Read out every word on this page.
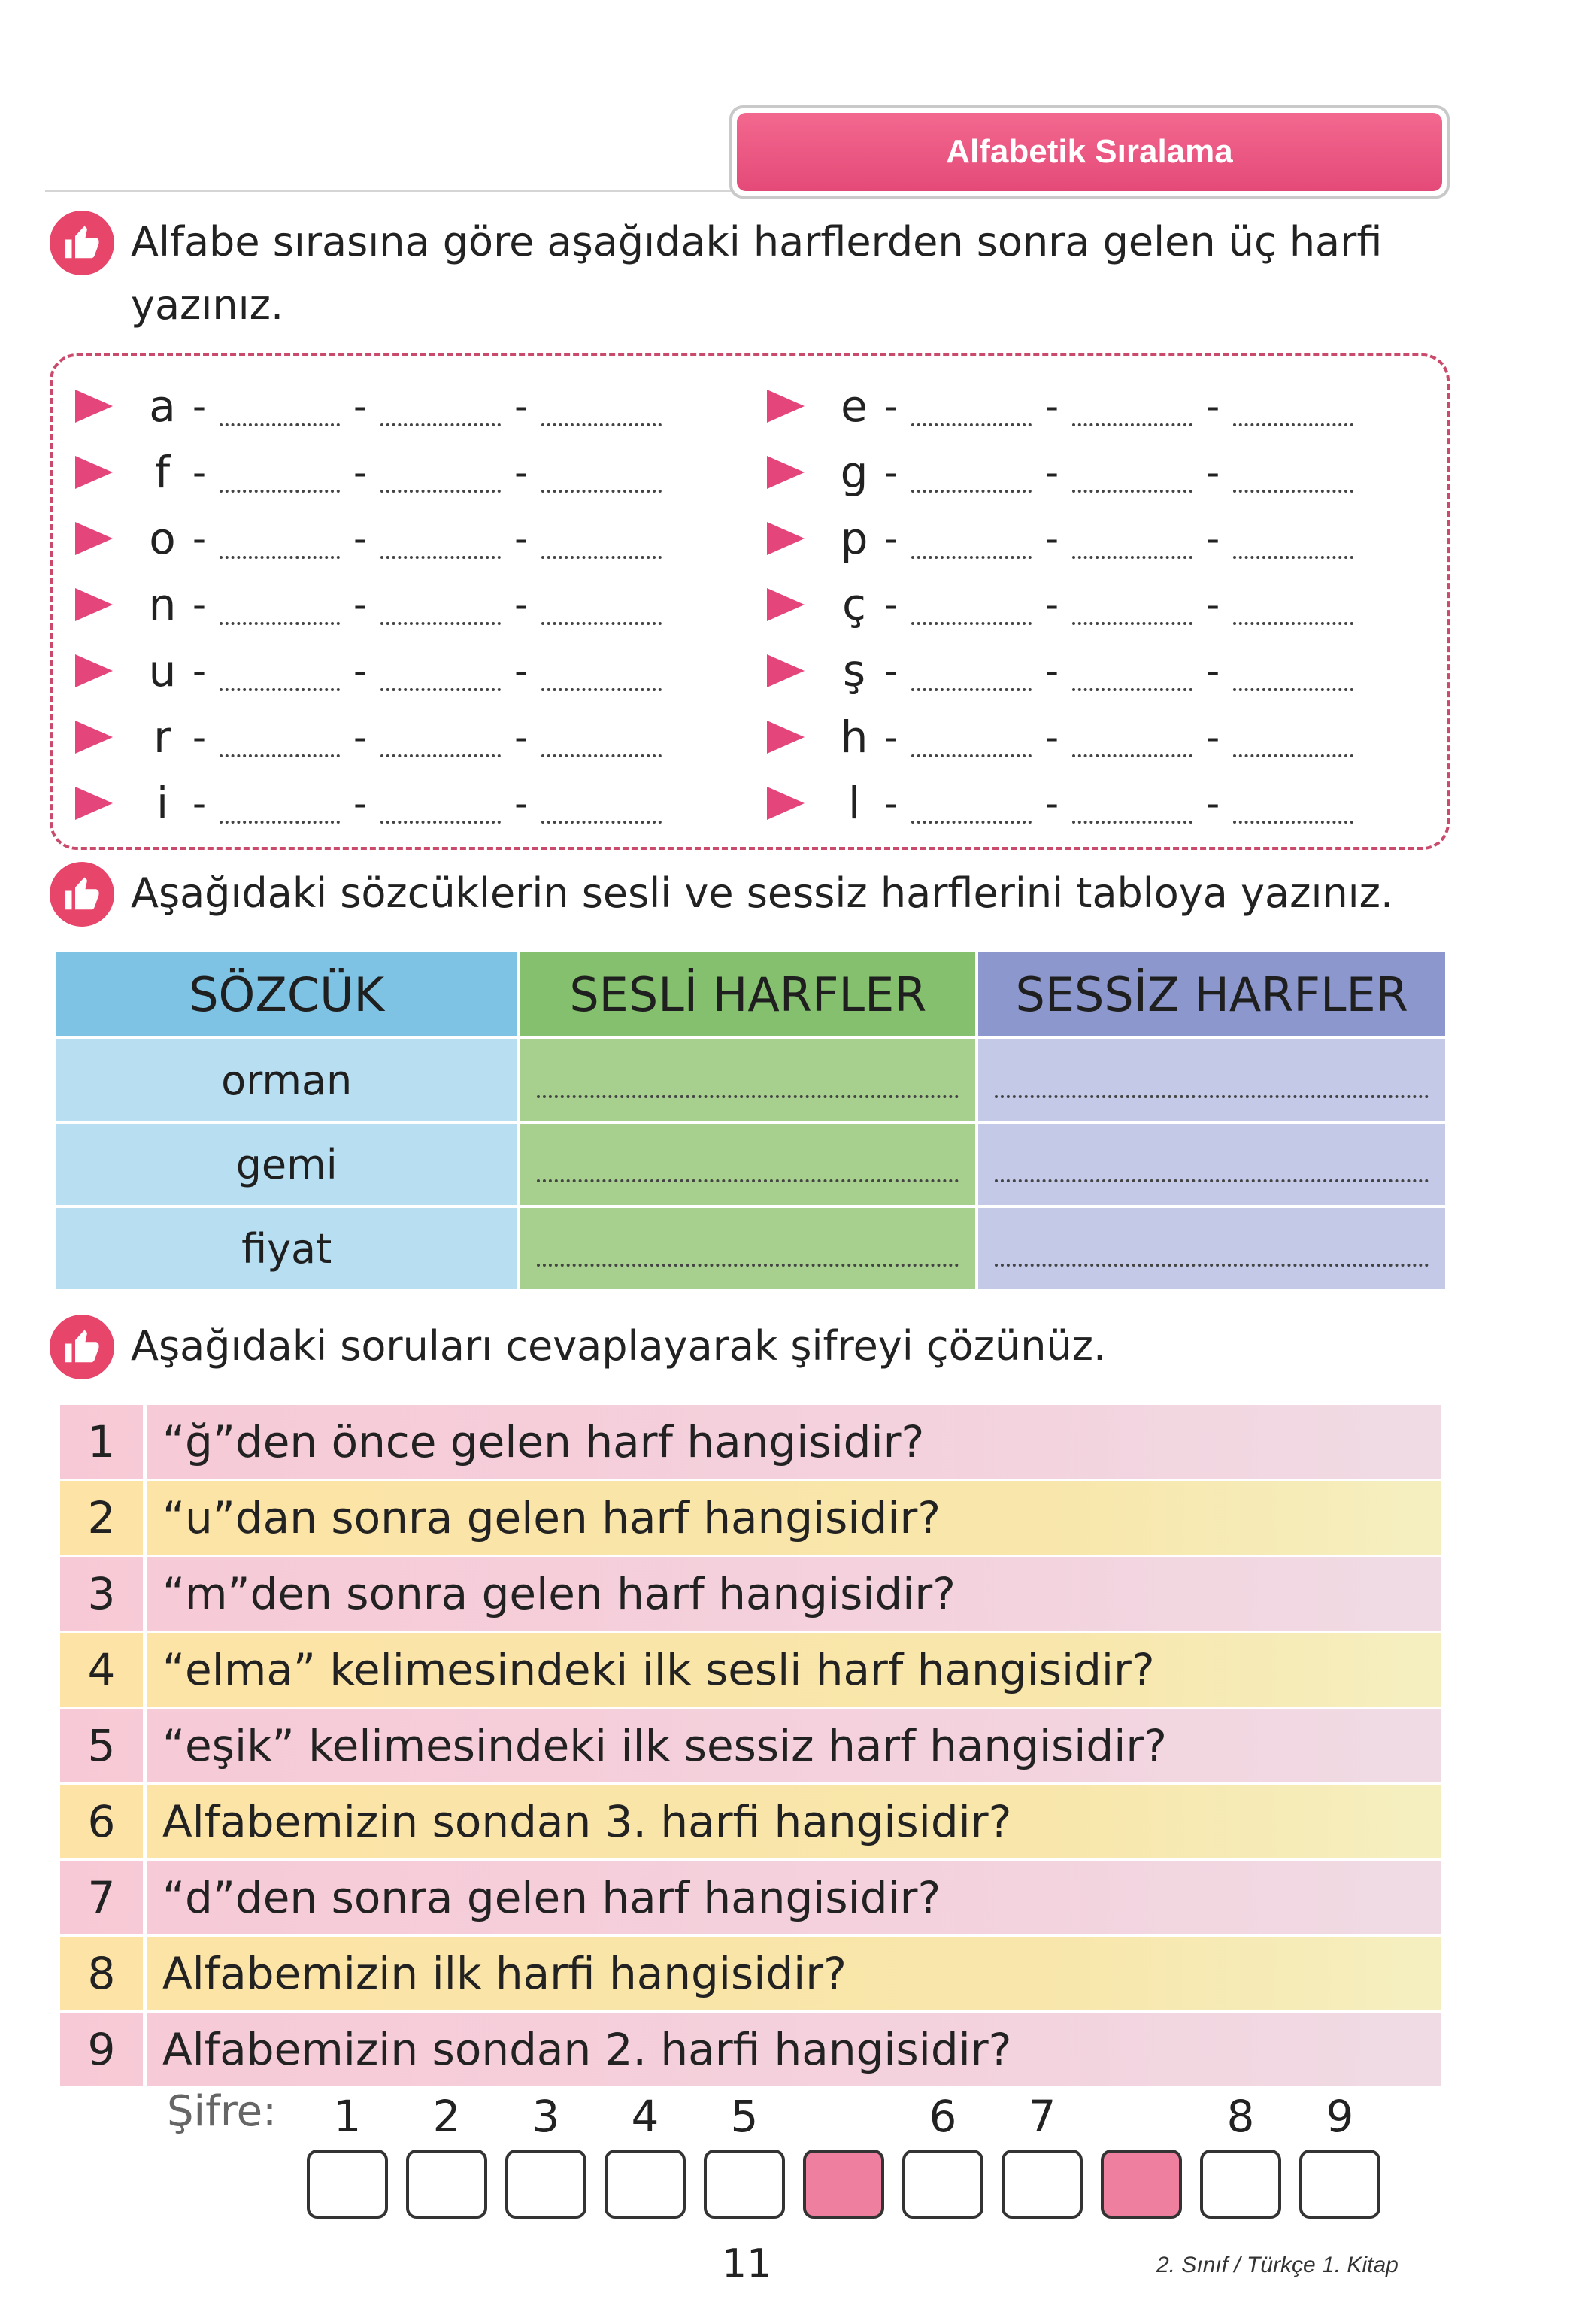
Alfabetik Sıralama
Alfabe sırasına göre aşağıdaki harflerden sonra gelen üç harfi yazınız.
a -	-	-
f -	-	-
o -	-	-
n -	-	-
u -	-	-
r -	-	-
i -	-	-
e -	-	-
g -	-	-
p -	-	-
ç -	-	-
ş -	-	-
h -	-	-
l -	-	-
Aşağıdaki sözcüklerin sesli ve sessiz harflerini tabloya yazınız.
SÖZCÜK	SESLİ HARFLER	SESSİZ HARFLER
orman	

gemi	

fiyat	

Aşağıdaki soruları cevaplayarak şifreyi çözünüz.
1	“ğ”den önce gelen harf hangisidir?
2	“u”dan sonra gelen harf hangisidir?
3	“m”den sonra gelen harf hangisidir?
4	“elma” kelimesindeki ilk sesli harf hangisidir?
5	“eşik” kelimesindeki ilk sessiz harf hangisidir?
6	Alfabemizin sondan 3. harfi hangisidir?
7	“d”den sonra gelen harf hangisidir?
8	Alfabemizin ilk harfi hangisidir?
9	Alfabemizin sondan 2. harfi hangisidir?
Şifre: 1 2 3 4 5	6 7	8 9
11	2. Sınıf / Türkçe 1. Kitap
